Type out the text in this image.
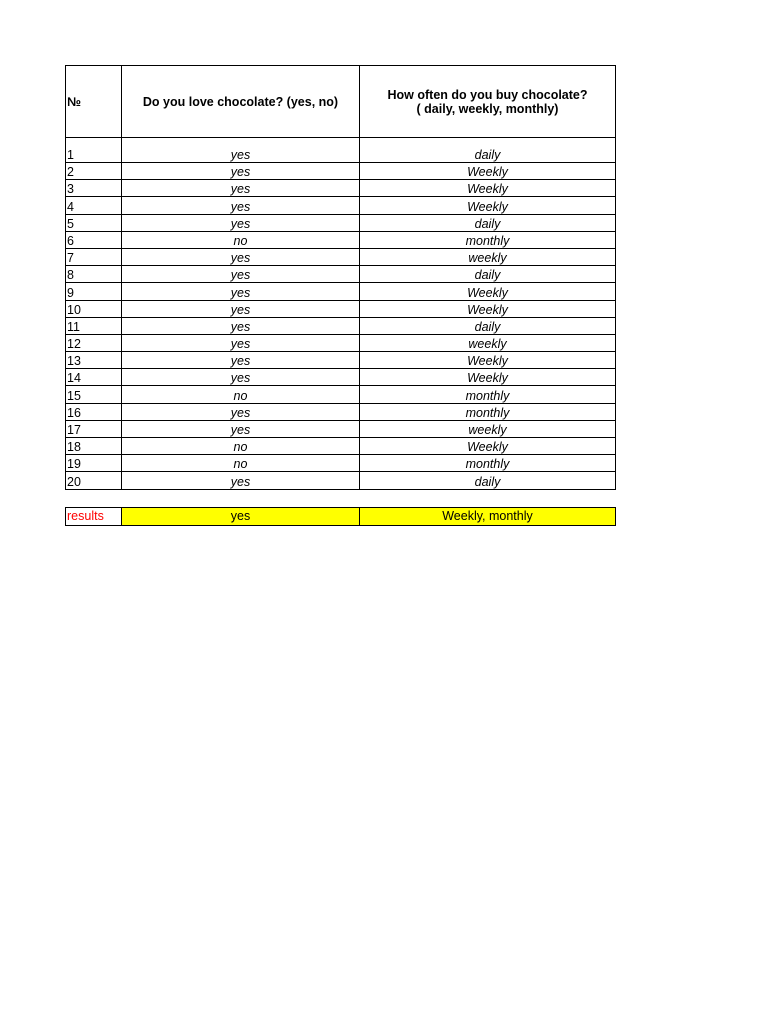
№	Do you love chocolate? (yes, no)	How often do you buy chocolate?
( daily, weekly, monthly)
1	yes	daily
2	yes	Weekly
3	yes	Weekly
4	yes	Weekly
5	yes	daily
6	no	monthly
7	yes	weekly
8	yes	daily
9	yes	Weekly
10	yes	Weekly
11	yes	daily
12	yes	weekly
13	yes	Weekly
14	yes	Weekly
15	no	monthly
16	yes	monthly
17	yes	weekly
18	no	Weekly
19	no	monthly
20	yes	daily
results	yes	Weekly, monthly
